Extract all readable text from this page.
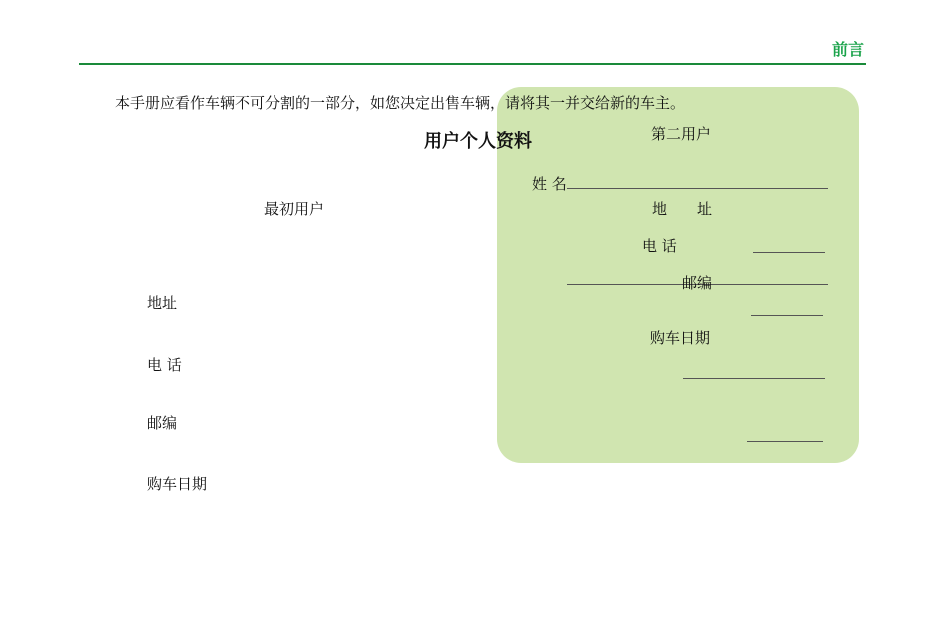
前言
本手册应看作车辆不可分割的一部分，如您决定出售车辆，请将其一并交给新的车主。
用户个人资料	第二用户
姓 名
地　　址
电 话
邮编
购车日期
最初用户
地址
电 话
邮编
购车日期
